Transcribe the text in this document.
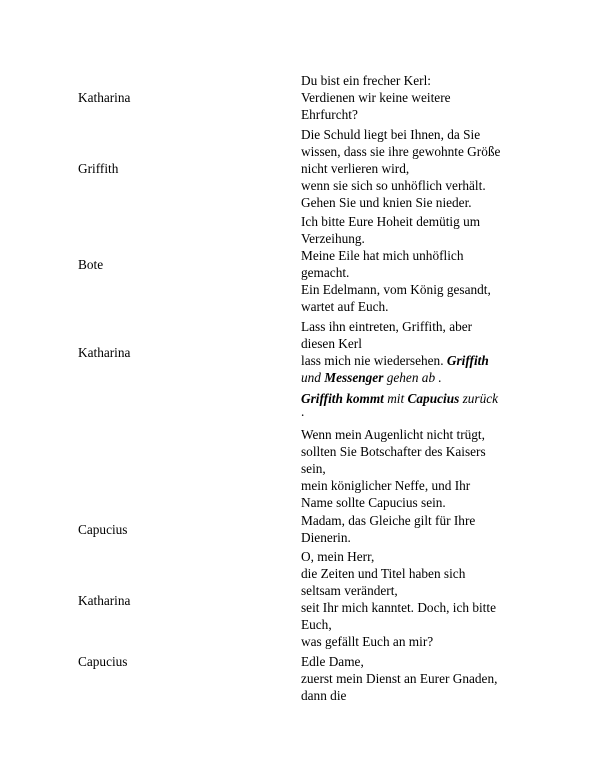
Katharina
Du bist ein frecher Kerl:
Verdienen wir keine weitere
Ehrfurcht?
Griffith
Die Schuld liegt bei Ihnen, da Sie
wissen, dass sie ihre gewohnte Größe
nicht verlieren wird,
wenn sie sich so unhöflich verhält.
Gehen Sie und knien Sie nieder.
Bote
Ich bitte Eure Hoheit demütig um
Verzeihung.
Meine Eile hat mich unhöflich
gemacht.
Ein Edelmann, vom König gesandt,
wartet auf Euch.
Katharina
Lass ihn eintreten, Griffith, aber
diesen Kerl
lass mich nie wiedersehen. Griffith
und Messenger gehen ab .
Griffith kommt mit Capucius zurück
.
Wenn mein Augenlicht nicht trügt,
sollten Sie Botschafter des Kaisers
sein,
mein königlicher Neffe, und Ihr
Name sollte Capucius sein.
Capucius
Madam, das Gleiche gilt für Ihre
Dienerin.
Katharina
O, mein Herr,
die Zeiten und Titel haben sich
seltsam verändert,
seit Ihr mich kanntet. Doch, ich bitte
Euch,
was gefällt Euch an mir?
Capucius	Edle Dame,
zuerst mein Dienst an Eurer Gnaden,
dann die
